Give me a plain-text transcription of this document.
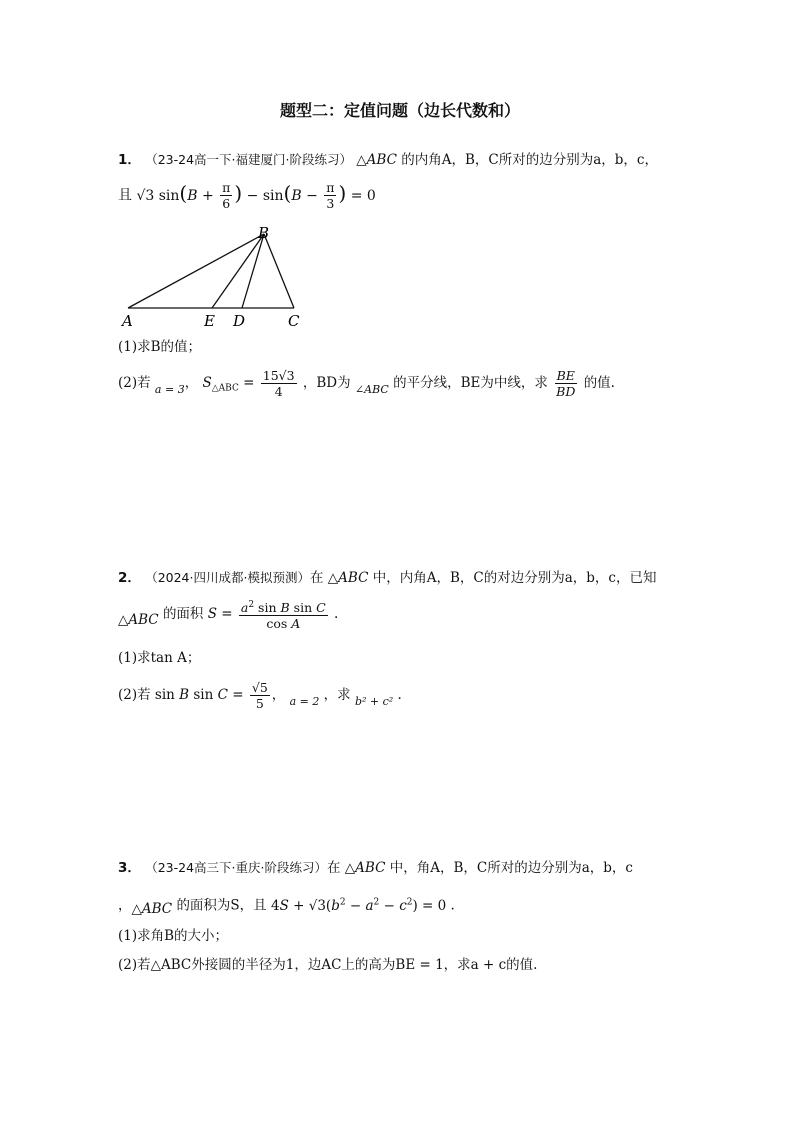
题型二：定值问题（边长代数和）
1． （23-24高一下·福建厦门·阶段练习） △ABC 的内角A，B，C所对的边分别为a，b，c，
且 √3 $\sin(B + \frac{\pi}{6}$ ) − $\sin(B - \frac{\pi}{3}$ ) = 0
A	E D	C
B
(1)求B的值；
(2)若 $_{a = 3}$， $S_{\triangle ABC} = \frac{15√3}{4}$ ，BD为 $_{\angle ABC}$ 的平分线，BE为中线，求 $\frac{BE}{BD}$ 的值.
2． （2024·四川成都·模拟预测）在 △ABC 中，内角A，B，C的对边分别为a，b，c，已知
△ABC 的面积 $S = \frac{a^2 \sin B \sin C}{\text{cos A}}$ .
(1)求tan A；
(2)若 sin B $\sin C = \frac{√5}{5}$ ， $_{a = 2}$ ，求 $_{b^2 + c^2}$ .
3． （23-24高三下·重庆·阶段练习）在 △ABC 中，角A，B，C所对的边分别为a，b，c
，△ABC 的面积为S，且 $4S + √3(b^2 - a^2 - c^2) = 0$ .
(1)求角B的大小；
(2)若△ABC外接圆的半径为1，边AC上的高为BE = 1，求a + c的值.
